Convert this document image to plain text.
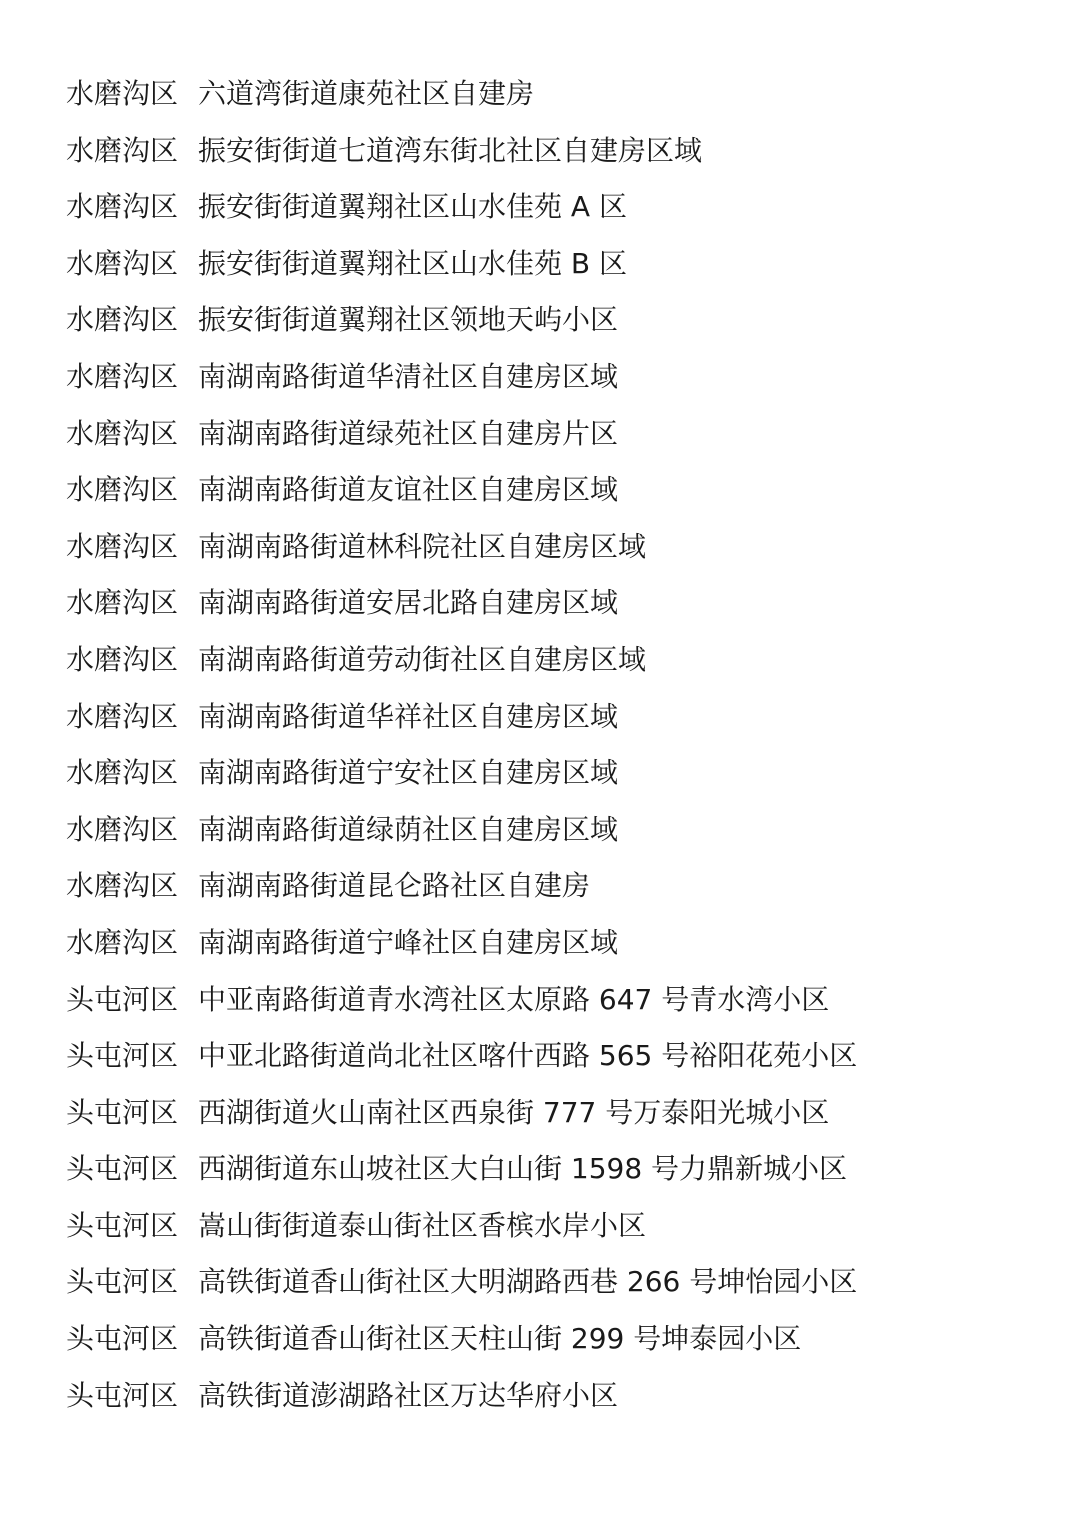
水磨沟区 六道湾街道康苑社区自建房
水磨沟区 振安街街道七道湾东街北社区自建房区域
水磨沟区 振安街街道翼翔社区山水佳苑 A 区
水磨沟区 振安街街道翼翔社区山水佳苑 B 区
水磨沟区 振安街街道翼翔社区领地天屿小区
水磨沟区 南湖南路街道华清社区自建房区域
水磨沟区 南湖南路街道绿苑社区自建房片区
水磨沟区 南湖南路街道友谊社区自建房区域
水磨沟区 南湖南路街道林科院社区自建房区域
水磨沟区 南湖南路街道安居北路自建房区域
水磨沟区 南湖南路街道劳动街社区自建房区域
水磨沟区 南湖南路街道华祥社区自建房区域
水磨沟区 南湖南路街道宁安社区自建房区域
水磨沟区 南湖南路街道绿荫社区自建房区域
水磨沟区 南湖南路街道昆仑路社区自建房
水磨沟区 南湖南路街道宁峰社区自建房区域
头屯河区 中亚南路街道青水湾社区太原路 647 号青水湾小区
头屯河区 中亚北路街道尚北社区喀什西路 565 号裕阳花苑小区
头屯河区 西湖街道火山南社区西泉街 777 号万泰阳光城小区
头屯河区 西湖街道东山坡社区大白山街 1598 号力鼎新城小区
头屯河区 嵩山街街道泰山街社区香槟水岸小区
头屯河区 高铁街道香山街社区大明湖路西巷 266 号坤怡园小区
头屯河区 高铁街道香山街社区天柱山街 299 号坤泰园小区
头屯河区 高铁街道澎湖路社区万达华府小区
